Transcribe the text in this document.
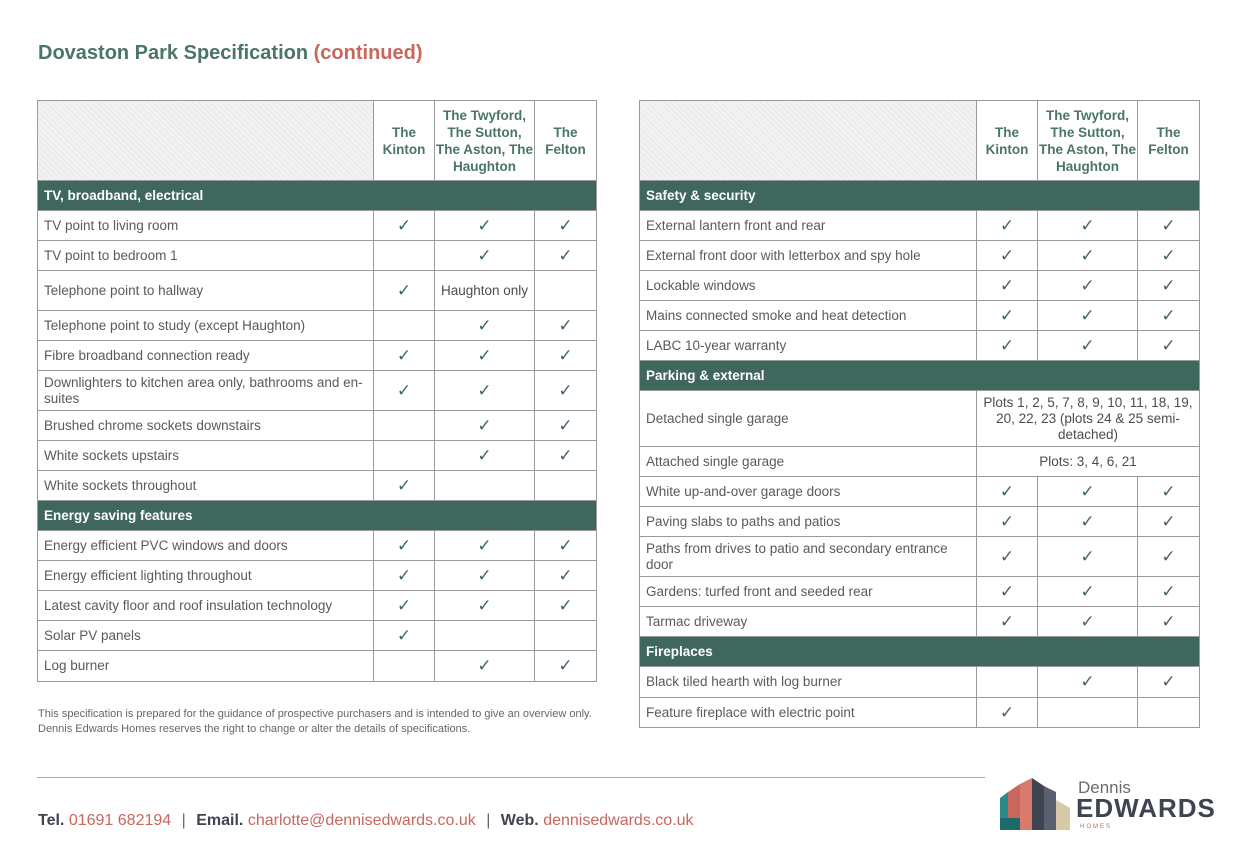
Dovaston Park Specification (continued)
	The Kinton	The Twyford, The Sutton, The Aston, The Haughton	The Felton
TV, broadband, electrical			
TV point to living room	✓	✓	✓
TV point to bedroom 1		✓	✓
Telephone point to hallway	✓	Haughton only	
Telephone point to study (except Haughton)		✓	✓
Fibre broadband connection ready	✓	✓	✓
Downlighters to kitchen area only, bathrooms and en-suites	✓	✓	✓
Brushed chrome sockets downstairs		✓	✓
White sockets upstairs		✓	✓
White sockets throughout	✓		
Energy saving features			
Energy efficient PVC windows and doors	✓	✓	✓
Energy efficient lighting throughout	✓	✓	✓
Latest cavity floor and roof insulation technology	✓	✓	✓
Solar PV panels	✓		
Log burner		✓	✓
	The Kinton	The Twyford, The Sutton, The Aston, The Haughton	The Felton
Safety & security			
External lantern front and rear	✓	✓	✓
External front door with letterbox and spy hole	✓	✓	✓
Lockable windows	✓	✓	✓
Mains connected smoke and heat detection	✓	✓	✓
LABC 10-year warranty	✓	✓	✓
Parking & external			
Detached single garage	Plots 1, 2, 5, 7, 8, 9, 10, 11, 18, 19, 20, 22, 23 (plots 24 & 25 semi-detached)		
Attached single garage	Plots: 3, 4, 6, 21		
White up-and-over garage doors	✓	✓	✓
Paving slabs to paths and patios	✓	✓	✓
Paths from drives to patio and secondary entrance door	✓	✓	✓
Gardens: turfed front and seeded rear	✓	✓	✓
Tarmac driveway	✓	✓	✓
Fireplaces			
Black tiled hearth with log burner		✓	✓
Feature fireplace with electric point	✓		
This specification is prepared for the guidance of prospective purchasers and is intended to give an overview only. Dennis Edwards Homes reserves the right to change or alter the details of specifications.
Tel. 01691 682194 | Email. charlotte@dennisedwards.co.uk | Web. dennisedwards.co.uk
Dennis
EDWARDS
HOMES
